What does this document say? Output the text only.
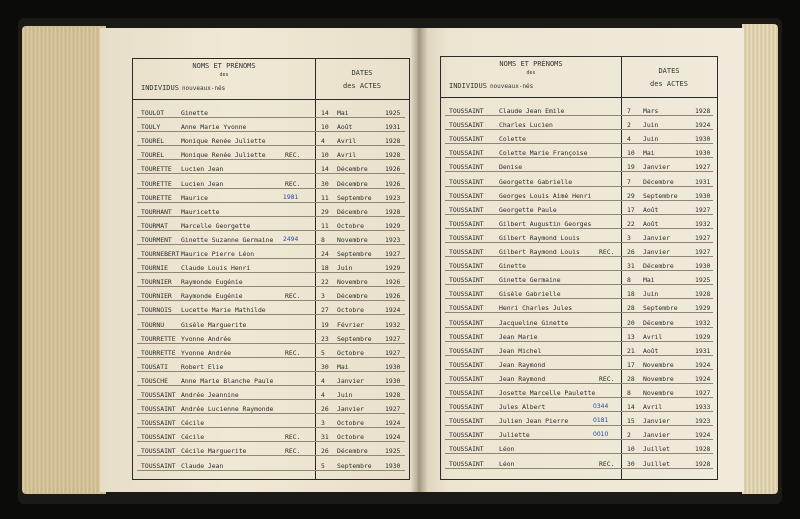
NOMS ET PRÉNOMS
des
INDIVIDUS nouveaux-nés
DATES
des ACTES
TOULOT	Ginette	14 Mai	1925
TOULY	Anne Marie Yvonne	10 Août	1931
TOUREL	Monique Renée Juliette	4 Avril	1928
TOUREL	Monique Renée Juliette	REC.	10 Avril	1928
TOURETTE Lucien Jean	14 Décembre	1926
TOURETTE Lucien Jean	REC.	30 Décembre	1926
TOURETTE Maurice	1981	11 Septembre 1923
TOURHANT Mauricette	29 Décembre	1928
TOURMAT Marcelle Georgette	11 Octobre	1929
TOURMENT Ginette Suzanne Germaine 2494	8 Novembre	1923
TOURNEBERT Maurice Pierre Léon	24 Septembre 1927
TOURNIE Claude Louis Henri	18 Juin	1929
TOURNIER Raymonde Eugénie	22 Novembre	1926
TOURNIER Raymonde Eugénie	REC.	3 Décembre	1926
TOURNOIS Lucette Marie Mathilde	27 Octobre	1924
TOURNU	Gisèle Marguerite	19 Février	1932
TOURRETTE Yvonne Andrée	23 Septembre 1927
TOURRETTE Yvonne Andrée	REC.	5 Octobre	1927
TOUSATI Robert Elie	30 Mai	1930
TOUSCHE Anne Marie Blanche Paule	4 Janvier	1930
TOUSSAINT Andrée Jeannine	4 Juin	1928
TOUSSAINT Andrée Lucienne Raymonde	26 Janvier	1927
TOUSSAINT Cécile	3 Octobre	1924
TOUSSAINT Cécile	REC.	31 Octobre	1924
TOUSSAINT Cécile Marguerite	REC.	26 Décembre	1925
TOUSSAINT Claude Jean	5 Septembre 1930
NOMS ET PRÉNOMS
des
INDIVIDUS nouveaux-nés
DATES
des ACTES
TOUSSAINT Claude Jean Emile	7 Mars	1928
TOUSSAINT Charles Lucien	2 Juin	1924
TOUSSAINT Colette	4 Juin	1930
TOUSSAINT Colette Marie Françoise	10 Mai	1930
TOUSSAINT Denise	19 Janvier	1927
TOUSSAINT Georgette Gabrielle	7 Décembre	1931
TOUSSAINT Georges Louis Aimé Henri	29 Septembre	1930
TOUSSAINT Georgette Paule	17 Août	1927
TOUSSAINT Gilbert Augustin Georges	22 Août	1932
TOUSSAINT Gilbert Raymond Louis	3 Janvier	1927
TOUSSAINT Gilbert Raymond Louis	REC. 26 Janvier	1927
TOUSSAINT Ginette	31 Décembre	1930
TOUSSAINT Ginette Germaine	8 Mai	1925
TOUSSAINT Gisèle Gabrielle	18 Juin	1928
TOUSSAINT Henri Charles Jules	28 Septembre	1929
TOUSSAINT Jacqueline Ginette	20 Décembre	1932
TOUSSAINT Jean Marie	13 Avril	1929
TOUSSAINT Jean Michel	21 Août	1931
TOUSSAINT Jean Raymond	17 Novembre	1924
TOUSSAINT Jean Raymond	REC. 28 Novembre	1924
TOUSSAINT Josette Marcelle Paulette	8 Novembre	1927
TOUSSAINT Jules Albert	0344	14 Avril	1933
TOUSSAINT Julien Jean Pierre	0181	15 Janvier	1923
TOUSSAINT Juliette	0010	2 Janvier	1924
TOUSSAINT Léon	10 Juillet	1928
TOUSSAINT Léon	REC. 30 Juillet	1928
